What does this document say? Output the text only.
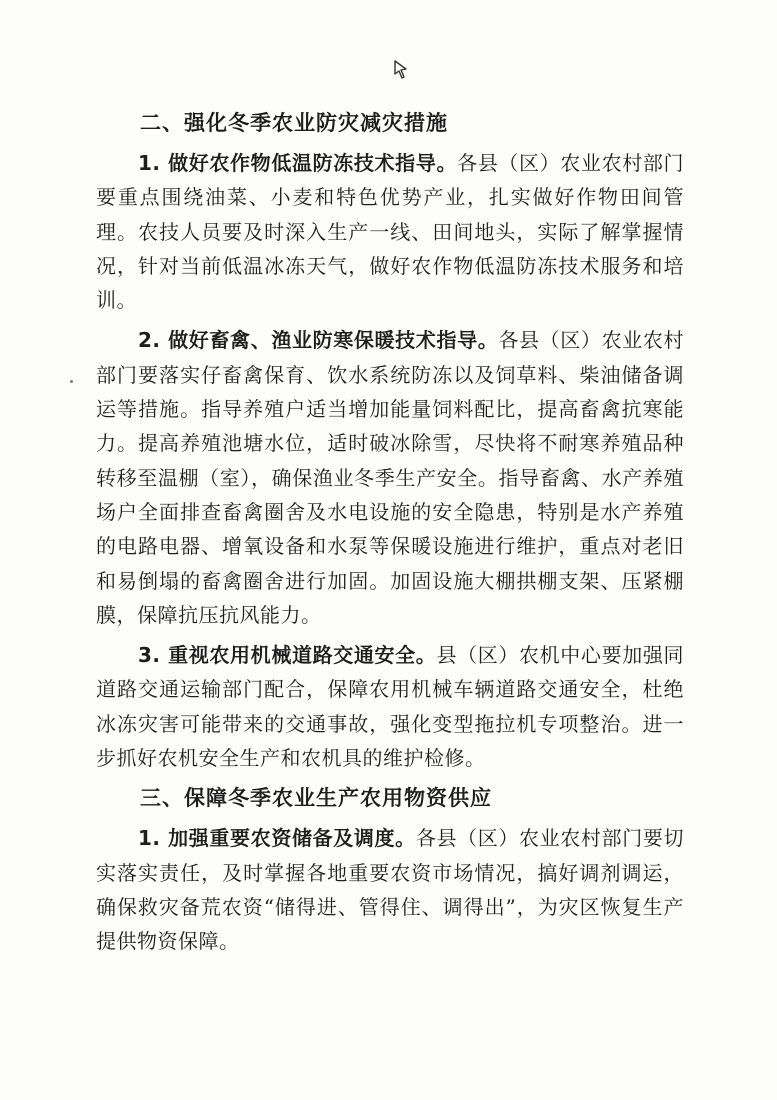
二、强化冬季农业防灾减灾措施

1. 做好农作物低温防冻技术指导。各县（区）农业农村部门要重点围绕油菜、小麦和特色优势产业，扎实做好作物田间管理。农技人员要及时深入生产一线、田间地头，实际了解掌握情况，针对当前低温冰冻天气，做好农作物低温防冻技术服务和培训。

2. 做好畜禽、渔业防寒保暖技术指导。各县（区）农业农村部门要落实仔畜禽保育、饮水系统防冻以及饲草料、柴油储备调运等措施。指导养殖户适当增加能量饲料配比，提高畜禽抗寒能力。提高养殖池塘水位，适时破冰除雪，尽快将不耐寒养殖品种转移至温棚（室），确保渔业冬季生产安全。指导畜禽、水产养殖场户全面排查畜禽圈舍及水电设施的安全隐患，特别是水产养殖的电路电器、增氧设备和水泵等保暖设施进行维护，重点对老旧和易倒塌的畜禽圈舍进行加固。加固设施大棚拱棚支架、压紧棚膜，保障抗压抗风能力。

3. 重视农用机械道路交通安全。县（区）农机中心要加强同道路交通运输部门配合，保障农用机械车辆道路交通安全，杜绝冰冻灾害可能带来的交通事故，强化变型拖拉机专项整治。进一步抓好农机安全生产和农机具的维护检修。

三、保障冬季农业生产农用物资供应

1. 加强重要农资储备及调度。各县（区）农业农村部门要切实落实责任，及时掌握各地重要农资市场情况，搞好调剂调运，确保救灾备荒农资“储得进、管得住、调得出”，为灾区恢复生产提供物资保障。
